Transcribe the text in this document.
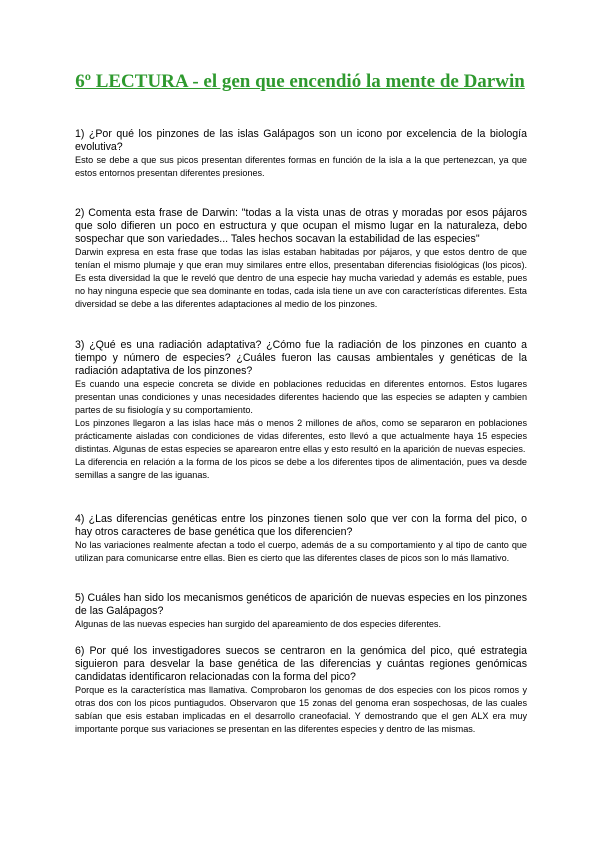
6º LECTURA - el gen que encendió la mente de Darwin
1) ¿Por qué los pinzones de las islas Galápagos son un icono por excelencia de la biología evolutiva?
Esto se debe a que sus picos presentan diferentes formas en función de la isla a la que pertenezcan, ya que estos entornos presentan diferentes presiones.
2) Comenta esta frase de Darwin: "todas a la vista unas de otras y moradas por esos pájaros que solo difieren un poco en estructura y que ocupan el mismo lugar en la naturaleza, debo sospechar que son variedades... Tales hechos socavan la estabilidad de las especies"
Darwin expresa en esta frase que todas las islas estaban habitadas por pájaros, y que estos dentro de que tenían el mismo plumaje y que eran muy similares entre ellos, presentaban diferencias fisiológicas (los picos). Es esta diversidad la que le reveló que dentro de una especie hay mucha variedad y además es estable, pues no hay ninguna especie que sea dominante en todas, cada isla tiene un ave con características diferentes. Esta diversidad se debe a las diferentes adaptaciones al medio de los pinzones.
3) ¿Qué es una radiación adaptativa? ¿Cómo fue la radiación de los pinzones en cuanto a tiempo y número de especies? ¿Cuáles fueron las causas ambientales y genéticas de la radiación adaptativa de los pinzones?
Es cuando una especie concreta se divide en poblaciones reducidas en diferentes entornos. Estos lugares presentan unas condiciones y unas necesidades diferentes haciendo que las especies se adapten y cambien partes de su fisiología y su comportamiento.
Los pinzones llegaron a las islas hace más o menos 2 millones de años, como se separaron en poblaciones prácticamente aisladas con condiciones de vidas diferentes, esto llevó a que actualmente haya 15 especies distintas. Algunas de estas especies se aparearon entre ellas y esto resultó en la aparición de nuevas especies.
La diferencia en relación a la forma de los picos se debe a los diferentes tipos de alimentación, pues va desde semillas a sangre de las iguanas.
4) ¿Las diferencias genéticas entre los pinzones tienen solo que ver con la forma del pico, o hay otros caracteres de base genética que los diferencien?
No las variaciones realmente afectan a todo el cuerpo, además de a su comportamiento y al tipo de canto que utilizan para comunicarse entre ellas. Bien es cierto que las diferentes clases de picos son lo más llamativo.
5) Cuáles han sido los mecanismos genéticos de aparición de nuevas especies en los pinzones de las Galápagos?
Algunas de las nuevas especies han surgido del apareamiento de dos especies diferentes.
6) Por qué los investigadores suecos se centraron en la genómica del pico, qué estrategia siguieron para desvelar la base genética de las diferencias y cuántas regiones genómicas candidatas identificaron relacionadas con la forma del pico?
Porque es la característica mas llamativa. Comprobaron los genomas de dos especies con los picos romos y otras dos con los picos puntiagudos. Observaron que 15 zonas del genoma eran sospechosas, de las cuales sabían que esis estaban implicadas en el desarrollo craneofacial. Y demostrando que el gen ALX era muy importante porque sus variaciones se presentan en las diferentes especies y dentro de las mismas.
